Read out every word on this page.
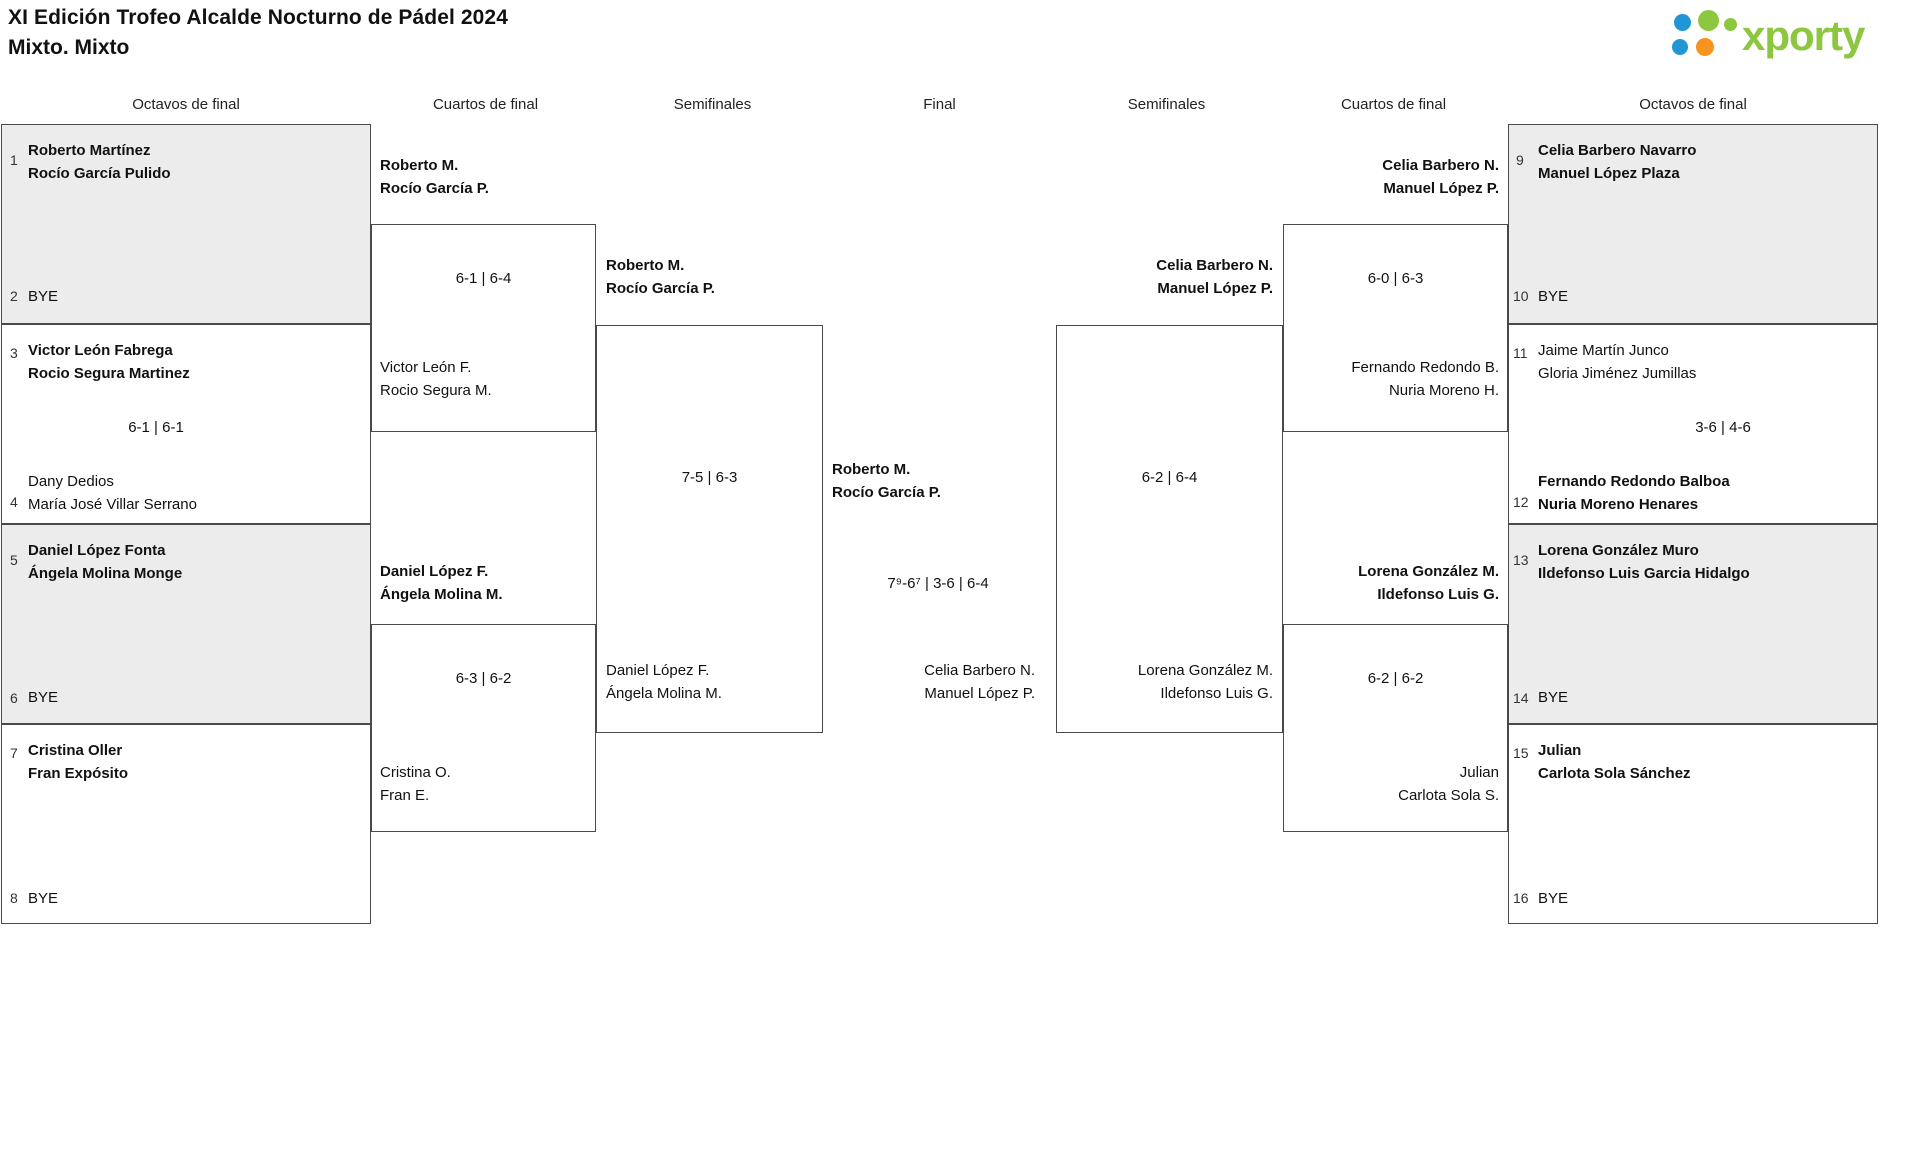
XI Edición Trofeo Alcalde Nocturno de Pádel 2024
Mixto. Mixto	xporty
Octavos de final	Cuartos de final	Semifinales	Final	Semifinales	Cuartos de final	Octavos de final
1
Roberto Martínez
Rocío García Pulido
2 BYE
3 Victor León Fabrega
Rocio Segura Martinez
6-1 | 6-1
4
Dany Dedios
María José Villar Serrano
5
Daniel López Fonta
Ángela Molina Monge
6 BYE
7 Cristina Oller
Fran Expósito
8 BYE
Roberto M.
Rocío García P.
6-1 | 6-4
Victor León F.
Rocio Segura M.
Daniel López F.
Ángela Molina M.
6-3 | 6-2
Cristina O.
Fran E.
Roberto M.
Rocío García P.
7-5 | 6-3
Daniel López F.
Ángela Molina M.
9
Celia Barbero Navarro
Manuel López Plaza
10 BYE
11 Jaime Martín Junco
Gloria Jiménez Jumillas
3-6 | 4-6
12
Fernando Redondo Balboa
Nuria Moreno Henares
13
Lorena González Muro
Ildefonso Luis Garcia Hidalgo
14 BYE
15 Julian
Carlota Sola Sánchez
16 BYE
Celia Barbero N.
Manuel López P.
6-0 | 6-3
Fernando Redondo B.
Nuria Moreno H.
Lorena González M.
Ildefonso Luis G.
6-2 | 6-2
Julian
Carlota Sola S.
Celia Barbero N.
Manuel López P.
6-2 | 6-4
Lorena González M.
Ildefonso Luis G.
Roberto M.
Rocío García P.
7⁹-6⁷ | 3-6 | 6-4
Celia Barbero N.
Manuel López P.
